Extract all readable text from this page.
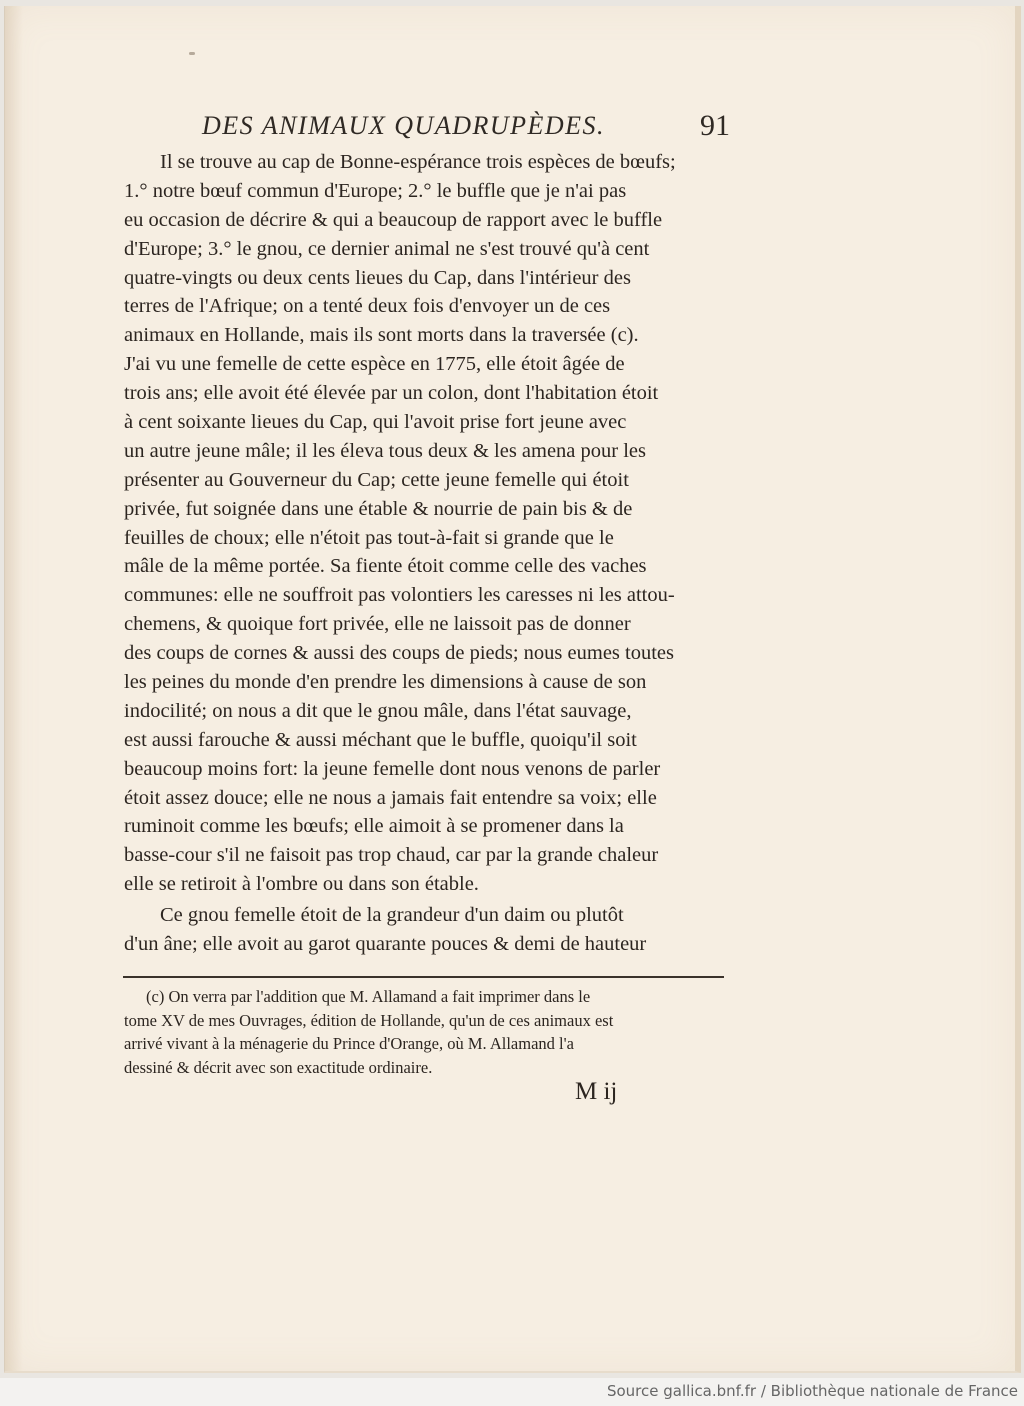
DES ANIMAUX QUADRUPÈDES.	91
Il se trouve au cap de Bonne-espérance trois espèces de bœufs;
1.° notre bœuf commun d'Europe; 2.° le buffle que je n'ai pas
eu occasion de décrire & qui a beaucoup de rapport avec le buffle
d'Europe; 3.° le gnou, ce dernier animal ne s'est trouvé qu'à cent
quatre-vingts ou deux cents lieues du Cap, dans l'intérieur des
terres de l'Afrique; on a tenté deux fois d'envoyer un de ces
animaux en Hollande, mais ils sont morts dans la traversée (c).
J'ai vu une femelle de cette espèce en 1775, elle étoit âgée de
trois ans; elle avoit été élevée par un colon, dont l'habitation étoit
à cent soixante lieues du Cap, qui l'avoit prise fort jeune avec
un autre jeune mâle; il les éleva tous deux & les amena pour les
présenter au Gouverneur du Cap; cette jeune femelle qui étoit
privée, fut soignée dans une étable & nourrie de pain bis & de
feuilles de choux; elle n'étoit pas tout-à-fait si grande que le
mâle de la même portée. Sa fiente étoit comme celle des vaches
communes: elle ne souffroit pas volontiers les caresses ni les attou-
chemens, & quoique fort privée, elle ne laissoit pas de donner
des coups de cornes & aussi des coups de pieds; nous eumes toutes
les peines du monde d'en prendre les dimensions à cause de son
indocilité; on nous a dit que le gnou mâle, dans l'état sauvage,
est aussi farouche & aussi méchant que le buffle, quoiqu'il soit
beaucoup moins fort: la jeune femelle dont nous venons de parler
étoit assez douce; elle ne nous a jamais fait entendre sa voix; elle
ruminoit comme les bœufs; elle aimoit à se promener dans la
basse-cour s'il ne faisoit pas trop chaud, car par la grande chaleur
elle se retiroit à l'ombre ou dans son étable.
Ce gnou femelle étoit de la grandeur d'un daim ou plutôt
d'un âne; elle avoit au garot quarante pouces & demi de hauteur
(c) On verra par l'addition que M. Allamand a fait imprimer dans le
tome XV de mes Ouvrages, édition de Hollande, qu'un de ces animaux est
arrivé vivant à la ménagerie du Prince d'Orange, où M. Allamand l'a
dessiné & décrit avec son exactitude ordinaire.
M ij
Source gallica.bnf.fr / Bibliothèque nationale de France
